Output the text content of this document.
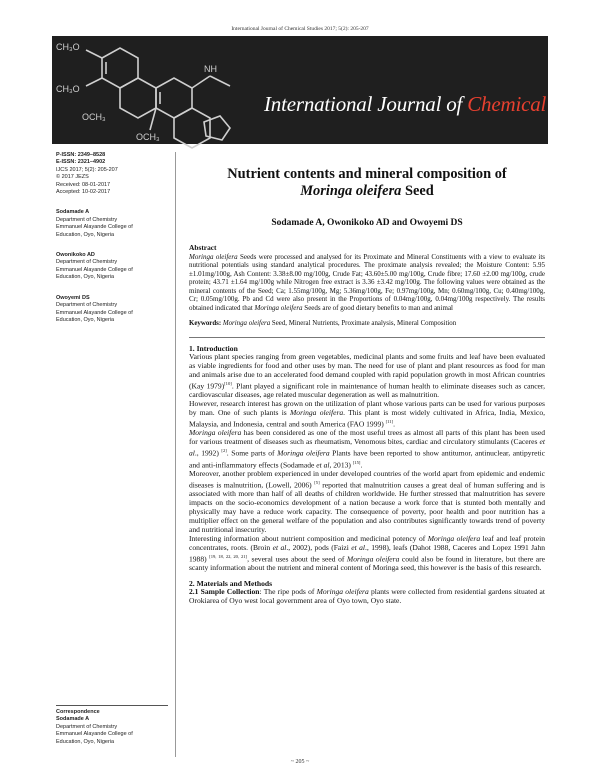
International Journal of Chemical Studies 2017; 5(2): 205-207
CH₃O
CH₃O
NH
OCH₃
OCH₃
International Journal of Chemical Studies
P-ISSN: 2349–8528
E-ISSN: 2321–4902
IJCS 2017; 5(2): 205-207
© 2017 JEZS
Received: 08-01-2017
Accepted: 10-02-2017
Sodamade A
Department of Chemistry
Emmanuel Alayande College of
Education, Oyo, Nigeria
Owonikoko AD
Department of Chemistry
Emmanuel Alayande College of
Education, Oyo, Nigeria
Owoyemi DS
Department of Chemistry
Emmanuel Alayande College of
Education, Oyo, Nigeria
Correspondence
Sodamade A
Department of Chemistry
Emmanuel Alayande College of
Education, Oyo, Nigeria
Nutrient contents and mineral composition of
Moringa oleifera Seed
Sodamade A, Owonikoko AD and Owoyemi DS
Abstract
Moringa oleifera Seeds were processed and analysed for its Proximate and Mineral Constituents with a view to evaluate its nutritional potentials using standard analytical procedures. The proximate analysis revealed; the Moisture Content: 5.95 ±1.01mg/100g, Ash Content: 3.38±8.00 mg/100g, Crude Fat; 43.60±5.00 mg/100g, Crude fibre; 17.60 ±2.00 mg/100g, crude protein; 43.71 ±1.64 mg/100g while Nitrogen free extract is 3.36 ±3.42 mg/100g. The following values were obtained as the mineral contents of the Seed; Ca; 1.55mg/100g, Mg; 5.36mg/100g, Fe; 0.97mg/100g, Mn; 0.60mg/100g, Cu; 0.40mg/100g, Cr; 0.05mg/100g. Pb and Cd were also present in the Proportions of 0.04mg/100g, 0.04mg/100g respectively. The results obtained indicated that Moringa oleifera Seeds are of good dietary benefits to man and animal
Keywords: Moringa oleifera Seed, Mineral Nutrients, Proximate analysis, Mineral Composition
1. Introduction

Various plant species ranging from green vegetables, medicinal plants and some fruits and leaf have been evaluated as viable ingredients for food and other uses by man. The need for use of plant and plant resources as food for man and animals arise due to an accelerated food demand coupled with rapid population growth in most African countries (Kay 1979)[10]. Plant played a significant role in maintenance of human health to eliminate diseases such as cancer, cardiovascular diseases, age related muscular degeneration as well as malnutrition.

However, research interest has grown on the utilization of plant whose various parts can be used for various purposes by man. One of such plants is Moringa oleifera. This plant is most widely cultivated in Africa, India, Mexico, Malaysia, and Indonesia, central and south America (FAO 1999) [11].

Moringa oleifera has been considered as one of the most useful trees as almost all parts of this plant has been used for various treatment of diseases such as rheumatism, Venomous bites, cardiac and circulatory stimulants (Caceres et al., 1992) [2]. Some parts of Moringa oleifera Plants have been reported to show antitumor, antinuclear, antipyretic and anti-inflammatory effects (Sodamade et al, 2013) [15].

Moreover, another problem experienced in under developed countries of the world apart from epidemic and endemic diseases is malnutrition, (Lowell, 2006) [5] reported that malnutrition causes a great deal of human suffering and is associated with more than half of all deaths of children worldwide. He further stressed that malnutrition has severe impacts on the socio-economics development of a nation because a work force that is stunted both mentally and physically may have a reduce work capacity. The consequence of poverty, poor health and poor nutrition has a multiplier effect on the general welfare of the population and also contributes significantly towards trend of poverty and nutritional insecurity.

Interesting information about nutrient composition and medicinal potency of Moringa oleifera leaf and leaf protein concentrates, roots. (Broin et al., 2002), pods (Faizi et al., 1998), leafs (Dahot 1988, Caceres and Lopez 1991 Jahn 1988) [19, 18, 22, 20, 21], several uses about the seed of Moringa oleifera could also be found in literature, but there are scanty information about the nutrient and mineral content of Moringa seed, this however is the basis of this research.

2. Materials and Methods

2.1 Sample Collection: The ripe pods of Moringa oleifera plants were collected from residential gardens situated at Orokiarea of Oyo west local government area of Oyo town, Oyo state.

~ 205 ~
